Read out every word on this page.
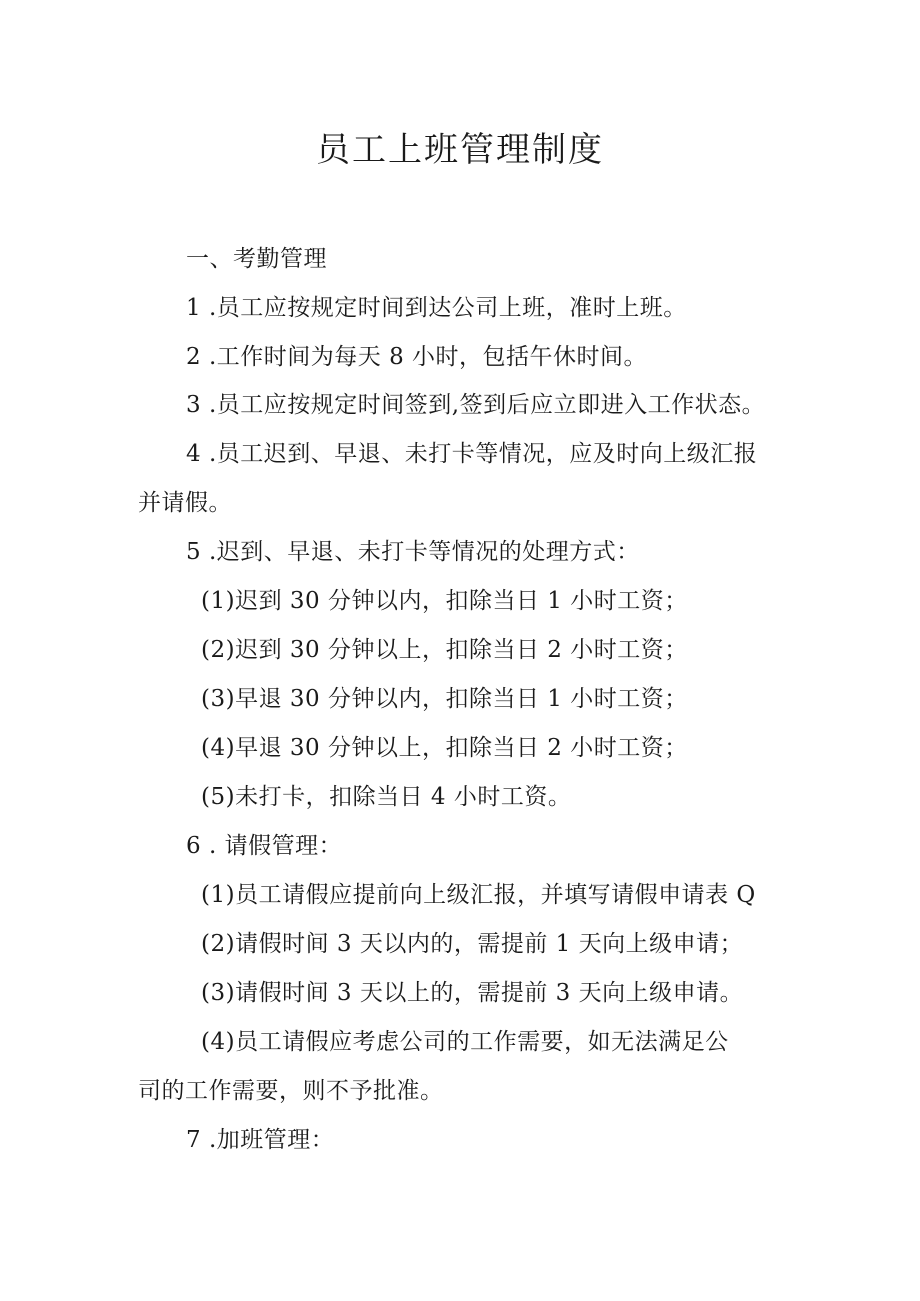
员工上班管理制度
一、考勤管理
1 .员工应按规定时间到达公司上班，准时上班。
2 .工作时间为每天 8 小时，包括午休时间。
3 .员工应按规定时间签到,签到后应立即进入工作状态。
4 .员工迟到、早退、未打卡等情况，应及时向上级汇报
并请假。
5 .迟到、早退、未打卡等情况的处理方式：
(1)迟到 30 分钟以内，扣除当日 1 小时工资；
(2)迟到 30 分钟以上，扣除当日 2 小时工资；
(3)早退 30 分钟以内，扣除当日 1 小时工资；
(4)早退 30 分钟以上，扣除当日 2 小时工资；
(5)未打卡，扣除当日 4 小时工资。
6 . 请假管理：
(1)员工请假应提前向上级汇报，并填写请假申请表 Q
(2)请假时间 3 天以内的，需提前 1 天向上级申请；
(3)请假时间 3 天以上的，需提前 3 天向上级申请。
(4)员工请假应考虑公司的工作需要，如无法满足公
司的工作需要，则不予批准。
7 .加班管理：
